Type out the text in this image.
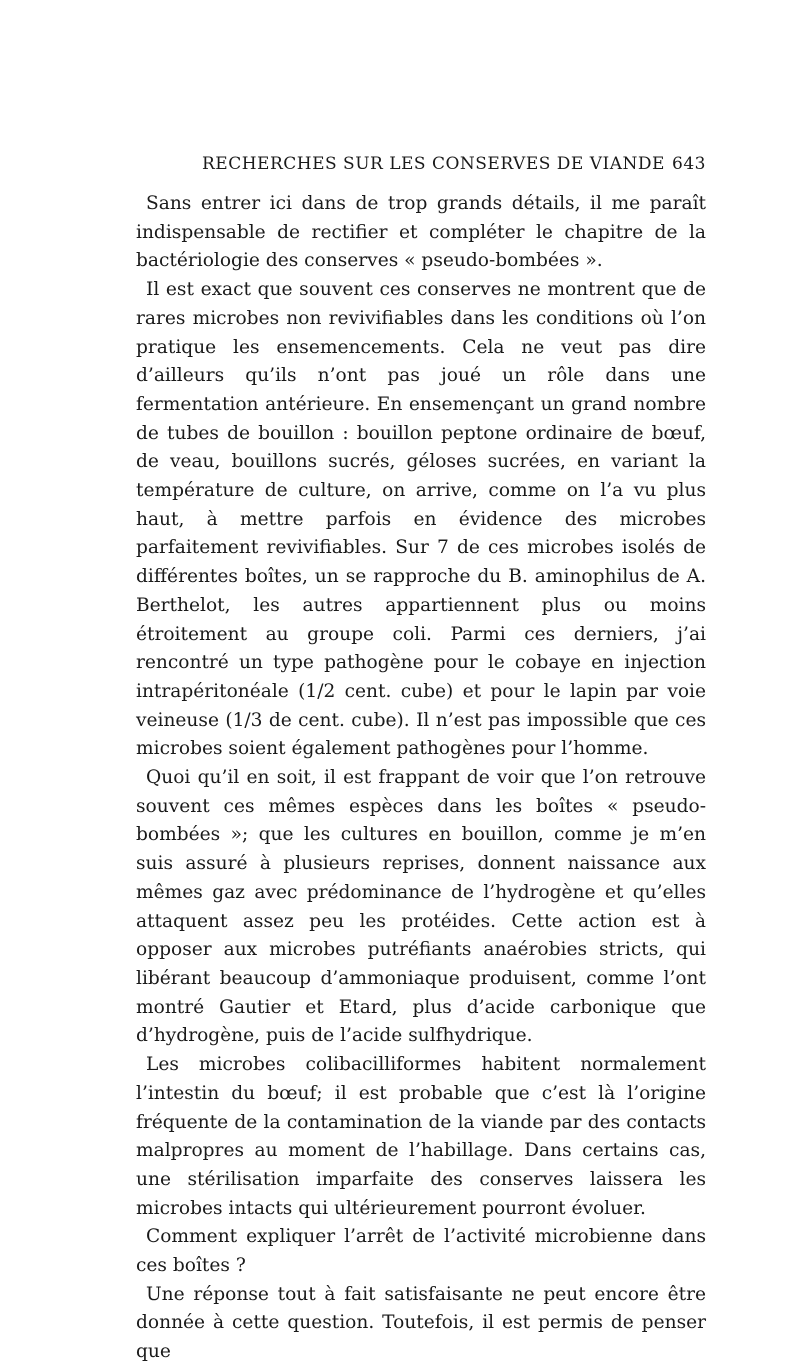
RECHERCHES SUR LES CONSERVES DE VIANDE 643

Sans entrer ici dans de trop grands détails, il me paraît indispensable de rectifier et compléter le chapitre de la bactériologie des conserves « pseudo-bombées ».

Il est exact que souvent ces conserves ne montrent que de rares microbes non revivifiables dans les conditions où l’on pratique les ensemencements. Cela ne veut pas dire d’ailleurs qu’ils n’ont pas joué un rôle dans une fermentation antérieure. En ensemençant un grand nombre de tubes de bouillon : bouillon peptone ordinaire de bœuf, de veau, bouillons sucrés, géloses sucrées, en variant la température de culture, on arrive, comme on l’a vu plus haut, à mettre parfois en évidence des microbes parfaitement revivifiables. Sur 7 de ces microbes isolés de différentes boîtes, un se rapproche du B. aminophilus de A. Berthelot, les autres appartiennent plus ou moins étroitement au groupe coli. Parmi ces derniers, j’ai rencontré un type pathogène pour le cobaye en injection intrapéritonéale (1/2 cent. cube) et pour le lapin par voie veineuse (1/3 de cent. cube). Il n’est pas impossible que ces microbes soient également pathogènes pour l’homme.

Quoi qu’il en soit, il est frappant de voir que l’on retrouve souvent ces mêmes espèces dans les boîtes « pseudo-bombées »; que les cultures en bouillon, comme je m’en suis assuré à plusieurs reprises, donnent naissance aux mêmes gaz avec prédominance de l’hydrogène et qu’elles attaquent assez peu les protéides. Cette action est à opposer aux microbes putréfiants anaérobies stricts, qui libérant beaucoup d’ammoniaque produisent, comme l’ont montré Gautier et Etard, plus d’acide carbonique que d’hydrogène, puis de l’acide sulfhydrique.

Les microbes colibacilliformes habitent normalement l’intestin du bœuf; il est probable que c’est là l’origine fréquente de la contamination de la viande par des contacts malpropres au moment de l’habillage. Dans certains cas, une stérilisation imparfaite des conserves laissera les microbes intacts qui ultérieurement pourront évoluer.

Comment expliquer l’arrêt de l’activité microbienne dans ces boîtes ?

Une réponse tout à fait satisfaisante ne peut encore être donnée à cette question. Toutefois, il est permis de penser que
